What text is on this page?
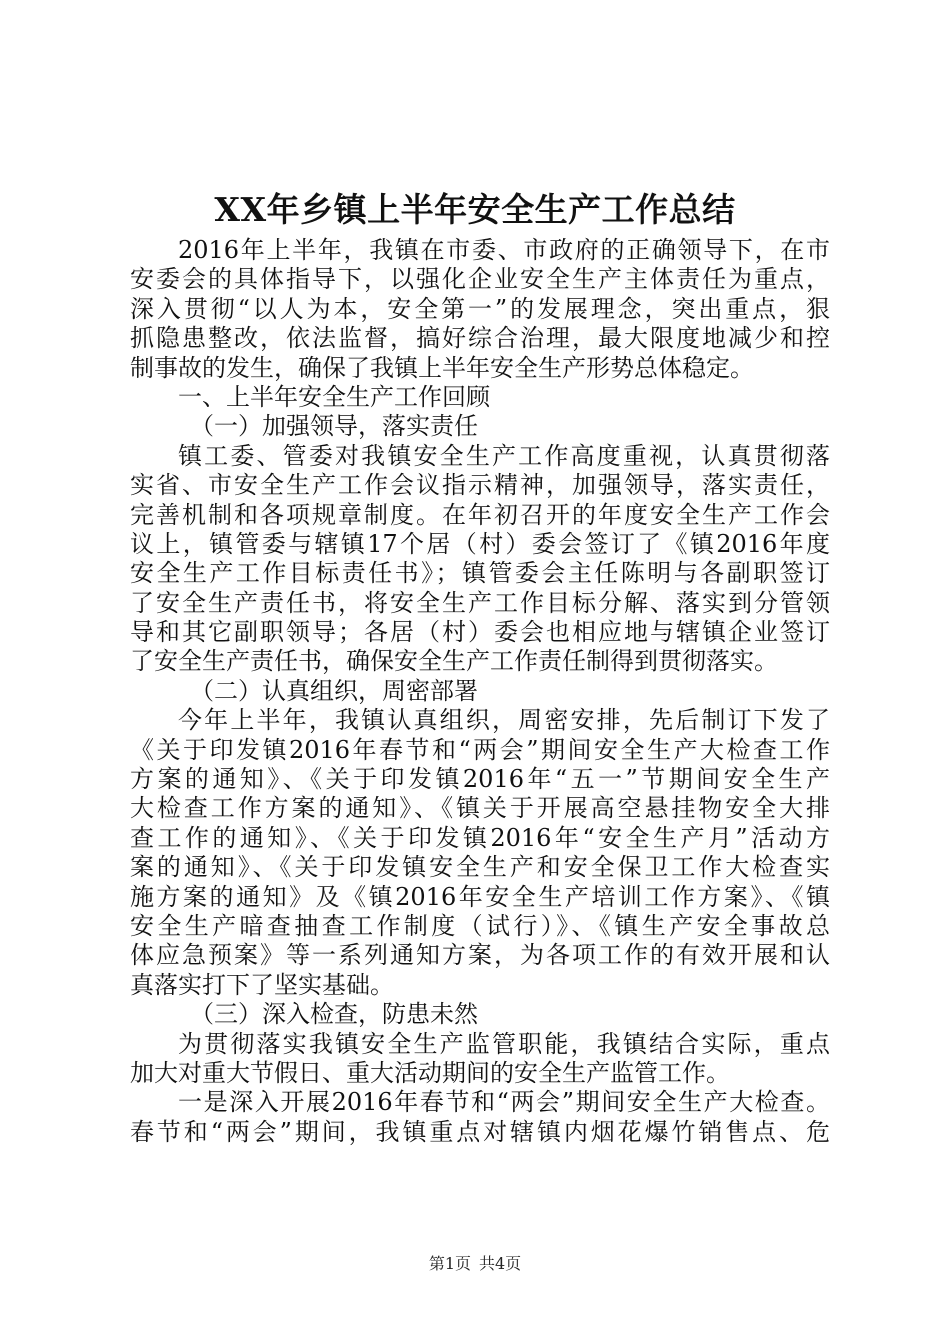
XX年乡镇上半年安全生产工作总结
2016年上半年，我镇在市委、市政府的正确领导下，在市
安委会的具体指导下，以强化企业安全生产主体责任为重点，
深入贯彻“以人为本，安全第一”的发展理念，突出重点，狠
抓隐患整改，依法监督，搞好综合治理，最大限度地减少和控
制事故的发生，确保了我镇上半年安全生产形势总体稳定。
一、上半年安全生产工作回顾
（一）加强领导，落实责任
镇工委、管委对我镇安全生产工作高度重视，认真贯彻落
实省、市安全生产工作会议指示精神，加强领导，落实责任，
完善机制和各项规章制度。在年初召开的年度安全生产工作会
议上，镇管委与辖镇17个居（村）委会签订了《镇2016年度
安全生产工作目标责任书》；镇管委会主任陈明与各副职签订
了安全生产责任书，将安全生产工作目标分解、落实到分管领
导和其它副职领导；各居（村）委会也相应地与辖镇企业签订
了安全生产责任书，确保安全生产工作责任制得到贯彻落实。
（二）认真组织，周密部署
今年上半年，我镇认真组织，周密安排，先后制订下发了
《关于印发镇2016年春节和“两会”期间安全生产大检查工作
方案的通知》、《关于印发镇2016年“五一”节期间安全生产
大检查工作方案的通知》、《镇关于开展高空悬挂物安全大排
查工作的通知》、《关于印发镇2016年“安全生产月”活动方
案的通知》、《关于印发镇安全生产和安全保卫工作大检查实
施方案的通知》及《镇2016年安全生产培训工作方案》、《镇
安全生产暗查抽查工作制度（试行）》、《镇生产安全事故总
体应急预案》等一系列通知方案，为各项工作的有效开展和认
真落实打下了坚实基础。
（三）深入检查，防患未然
为贯彻落实我镇安全生产监管职能，我镇结合实际，重点
加大对重大节假日、重大活动期间的安全生产监管工作。
一是深入开展2016年春节和“两会”期间安全生产大检查。
春节和“两会”期间，我镇重点对辖镇内烟花爆竹销售点、危
第1页 共4页
